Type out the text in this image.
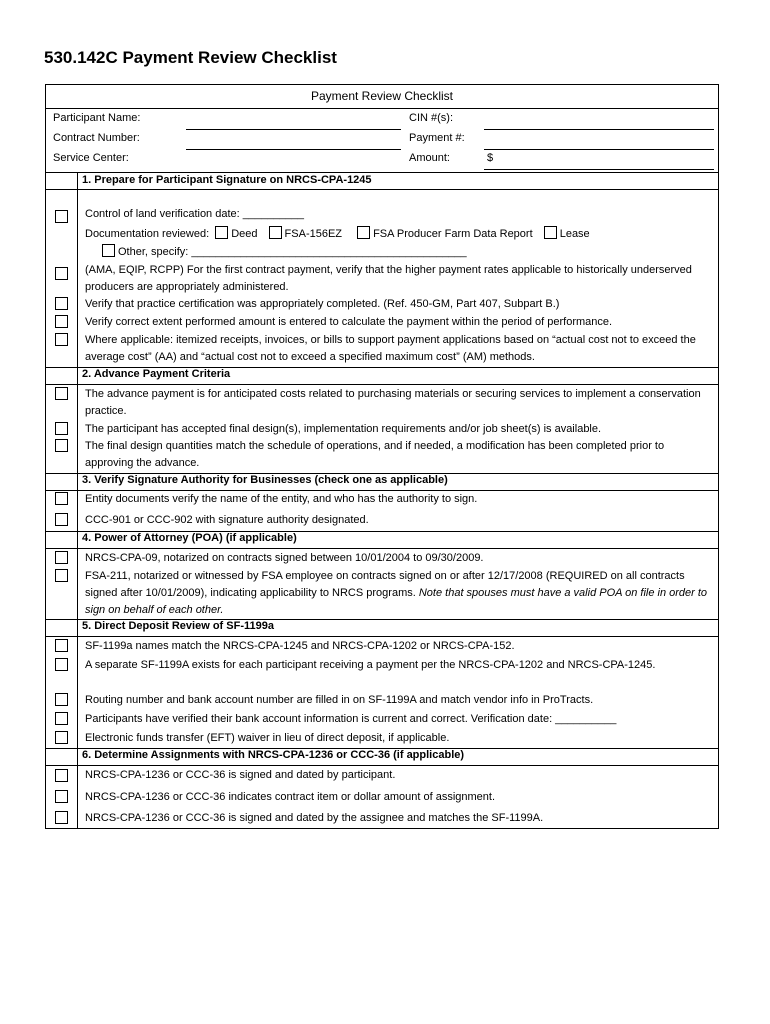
530.142C Payment Review Checklist
Payment Review Checklist
Participant Name:	CIN #(s):
Contract Number:	Payment #:
Service Center:	Amount:	$
1. Prepare for Participant Signature on NRCS-CPA-1245
Control of land verification date: __________
Documentation reviewed: Deed FSA-156EZ	FSA Producer Farm Data Report Lease
Other, specify: _____________________________________________
(AMA, EQIP, RCPP) For the first contract payment, verify that the higher payment rates applicable to historically underserved producers are appropriately administered.
Verify that practice certification was appropriately completed. (Ref. 450-GM, Part 407, Subpart B.)
Verify correct extent performed amount is entered to calculate the payment within the period of performance.
Where applicable: itemized receipts, invoices, or bills to support payment applications based on “actual cost not to exceed the average cost” (AA) and “actual cost not to exceed a specified maximum cost” (AM) methods.
2. Advance Payment Criteria
The advance payment is for anticipated costs related to purchasing materials or securing services to implement a conservation practice.
The participant has accepted final design(s), implementation requirements and/or job sheet(s) is available.
The final design quantities match the schedule of operations, and if needed, a modification has been completed prior to approving the advance.
3. Verify Signature Authority for Businesses (check one as applicable)
Entity documents verify the name of the entity, and who has the authority to sign.
CCC-901 or CCC-902 with signature authority designated.
4. Power of Attorney (POA) (if applicable)
NRCS-CPA-09, notarized on contracts signed between 10/01/2004 to 09/30/2009.
FSA-211, notarized or witnessed by FSA employee on contracts signed on or after 12/17/2008 (REQUIRED on all contracts signed after 10/01/2009), indicating applicability to NRCS programs. Note that spouses must have a valid POA on file in order to sign on behalf of each other.
5. Direct Deposit Review of SF-1199a
SF-1199a names match the NRCS-CPA-1245 and NRCS-CPA-1202 or NRCS-CPA-152.
A separate SF-1199A exists for each participant receiving a payment per the NRCS-CPA-1202 and NRCS-CPA-1245.
Routing number and bank account number are filled in on SF-1199A and match vendor info in ProTracts.
Participants have verified their bank account information is current and correct. Verification date: __________
Electronic funds transfer (EFT) waiver in lieu of direct deposit, if applicable.
6. Determine Assignments with NRCS-CPA-1236 or CCC-36 (if applicable)
NRCS-CPA-1236 or CCC-36 is signed and dated by participant.
NRCS-CPA-1236 or CCC-36 indicates contract item or dollar amount of assignment.
NRCS-CPA-1236 or CCC-36 is signed and dated by the assignee and matches the SF-1199A.
